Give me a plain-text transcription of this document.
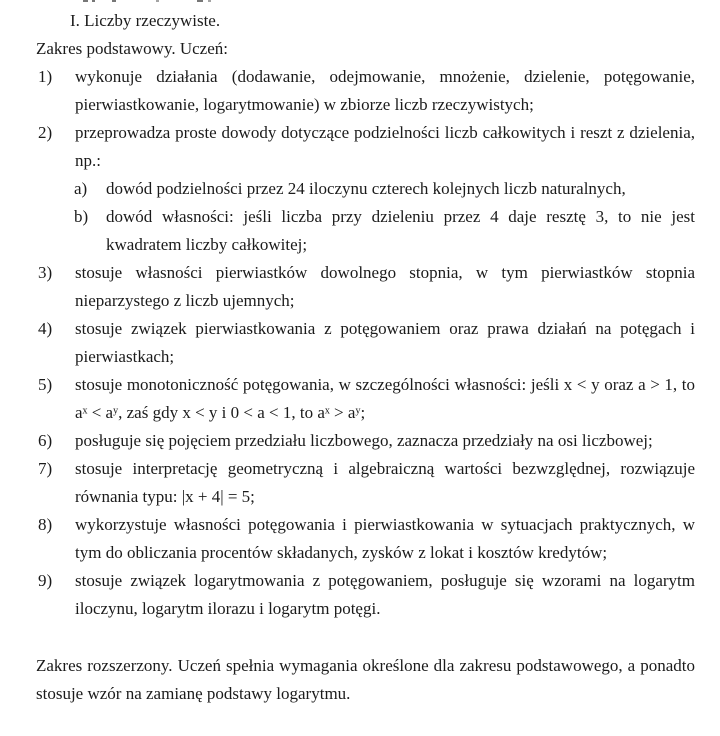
I. Liczby rzeczywiste.

Zakres podstawowy. Uczeń:

1) wykonuje działania (dodawanie, odejmowanie, mnożenie, dzielenie, potęgowanie, pierwiastkowanie, logarytmowanie) w zbiorze liczb rzeczywistych;
2) przeprowadza proste dowody dotyczące podzielności liczb całkowitych i reszt z dzielenia, np.:
a) dowód podzielności przez 24 iloczynu czterech kolejnych liczb naturalnych,
b) dowód własności: jeśli liczba przy dzieleniu przez 4 daje resztę 3, to nie jest kwadratem liczby całkowitej;
3) stosuje własności pierwiastków dowolnego stopnia, w tym pierwiastków stopnia nieparzystego z liczb ujemnych;
4) stosuje związek pierwiastkowania z potęgowaniem oraz prawa działań na potęgach i pierwiastkach;
5) stosuje monotoniczność potęgowania, w szczególności własności: jeśli x < y oraz a > 1, to aˣ < aʸ, zaś gdy x < y i 0 < a < 1, to aˣ > aʸ;
6) posługuje się pojęciem przedziału liczbowego, zaznacza przedziały na osi liczbowej;
7) stosuje interpretację geometryczną i algebraiczną wartości bezwzględnej, rozwiązuje równania typu: |x + 4| = 5;
8) wykorzystuje własności potęgowania i pierwiastkowania w sytuacjach praktycznych, w tym do obliczania procentów składanych, zysków z lokat i kosztów kredytów;
9) stosuje związek logarytmowania z potęgowaniem, posługuje się wzorami na logarytm iloczynu, logarytm ilorazu i logarytm potęgi.

Zakres rozszerzony. Uczeń spełnia wymagania określone dla zakresu podstawowego, a ponadto stosuje wzór na zamianę podstawy logarytmu.
